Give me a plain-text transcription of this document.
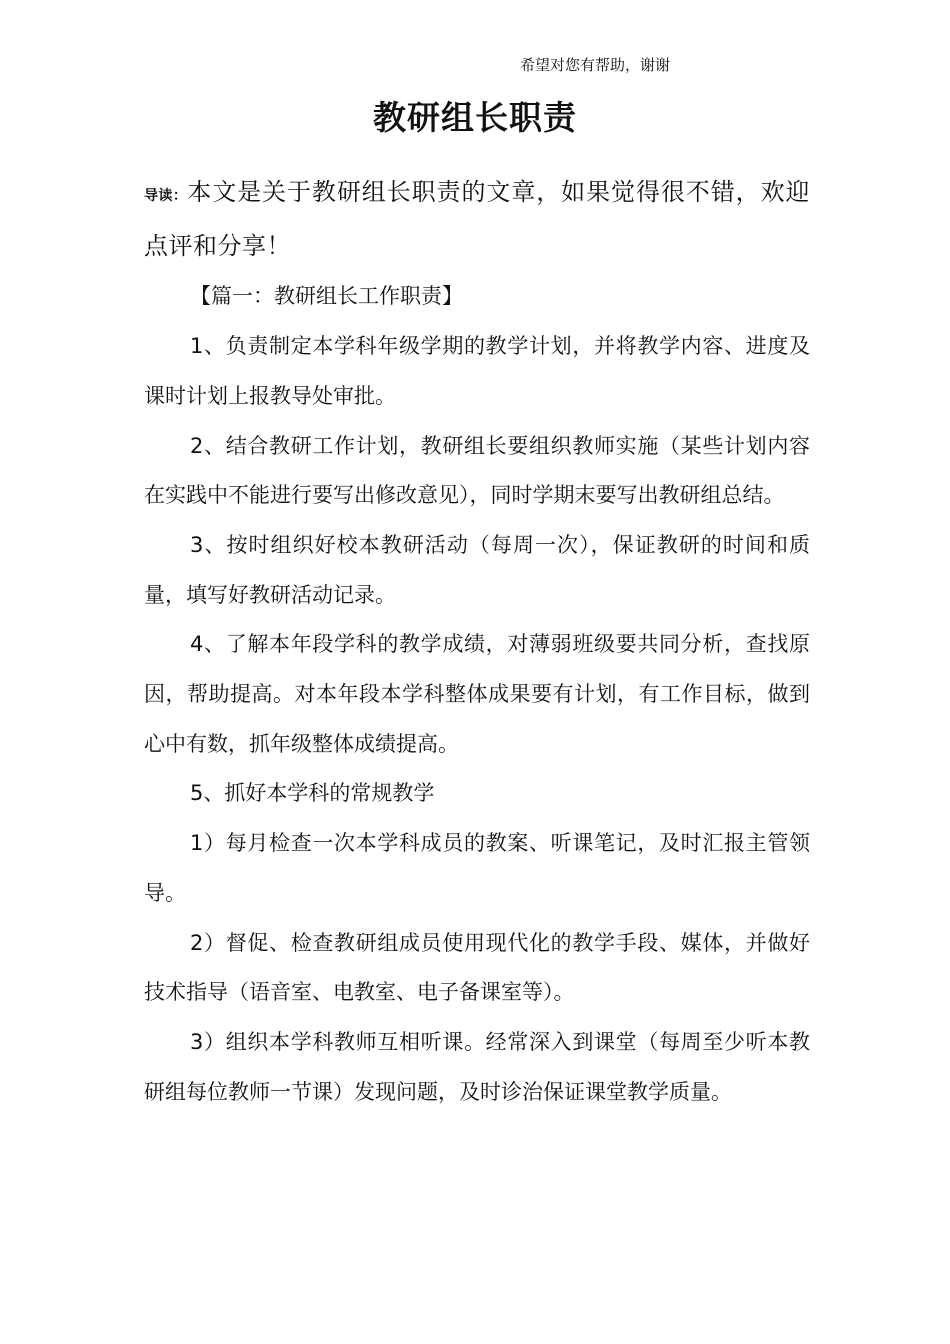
希望对您有帮助，谢谢
教研组长职责

导读：本文是关于教研组长职责的文章，如果觉得很不错，欢迎点评和分享！

【篇一：教研组长工作职责】

1、负责制定本学科年级学期的教学计划，并将教学内容、进度及课时计划上报教导处审批。

2、结合教研工作计划，教研组长要组织教师实施（某些计划内容在实践中不能进行要写出修改意见），同时学期末要写出教研组总结。

3、按时组织好校本教研活动（每周一次），保证教研的时间和质量，填写好教研活动记录。

4、了解本年段学科的教学成绩，对薄弱班级要共同分析，查找原因，帮助提高。对本年段本学科整体成果要有计划，有工作目标，做到心中有数，抓年级整体成绩提高。

5、抓好本学科的常规教学

1）每月检查一次本学科成员的教案、听课笔记，及时汇报主管领导。

2）督促、检查教研组成员使用现代化的教学手段、媒体，并做好技术指导（语音室、电教室、电子备课室等）。

3）组织本学科教师互相听课。经常深入到课堂（每周至少听本教研组每位教师一节课）发现问题，及时诊治保证课堂教学质量。
